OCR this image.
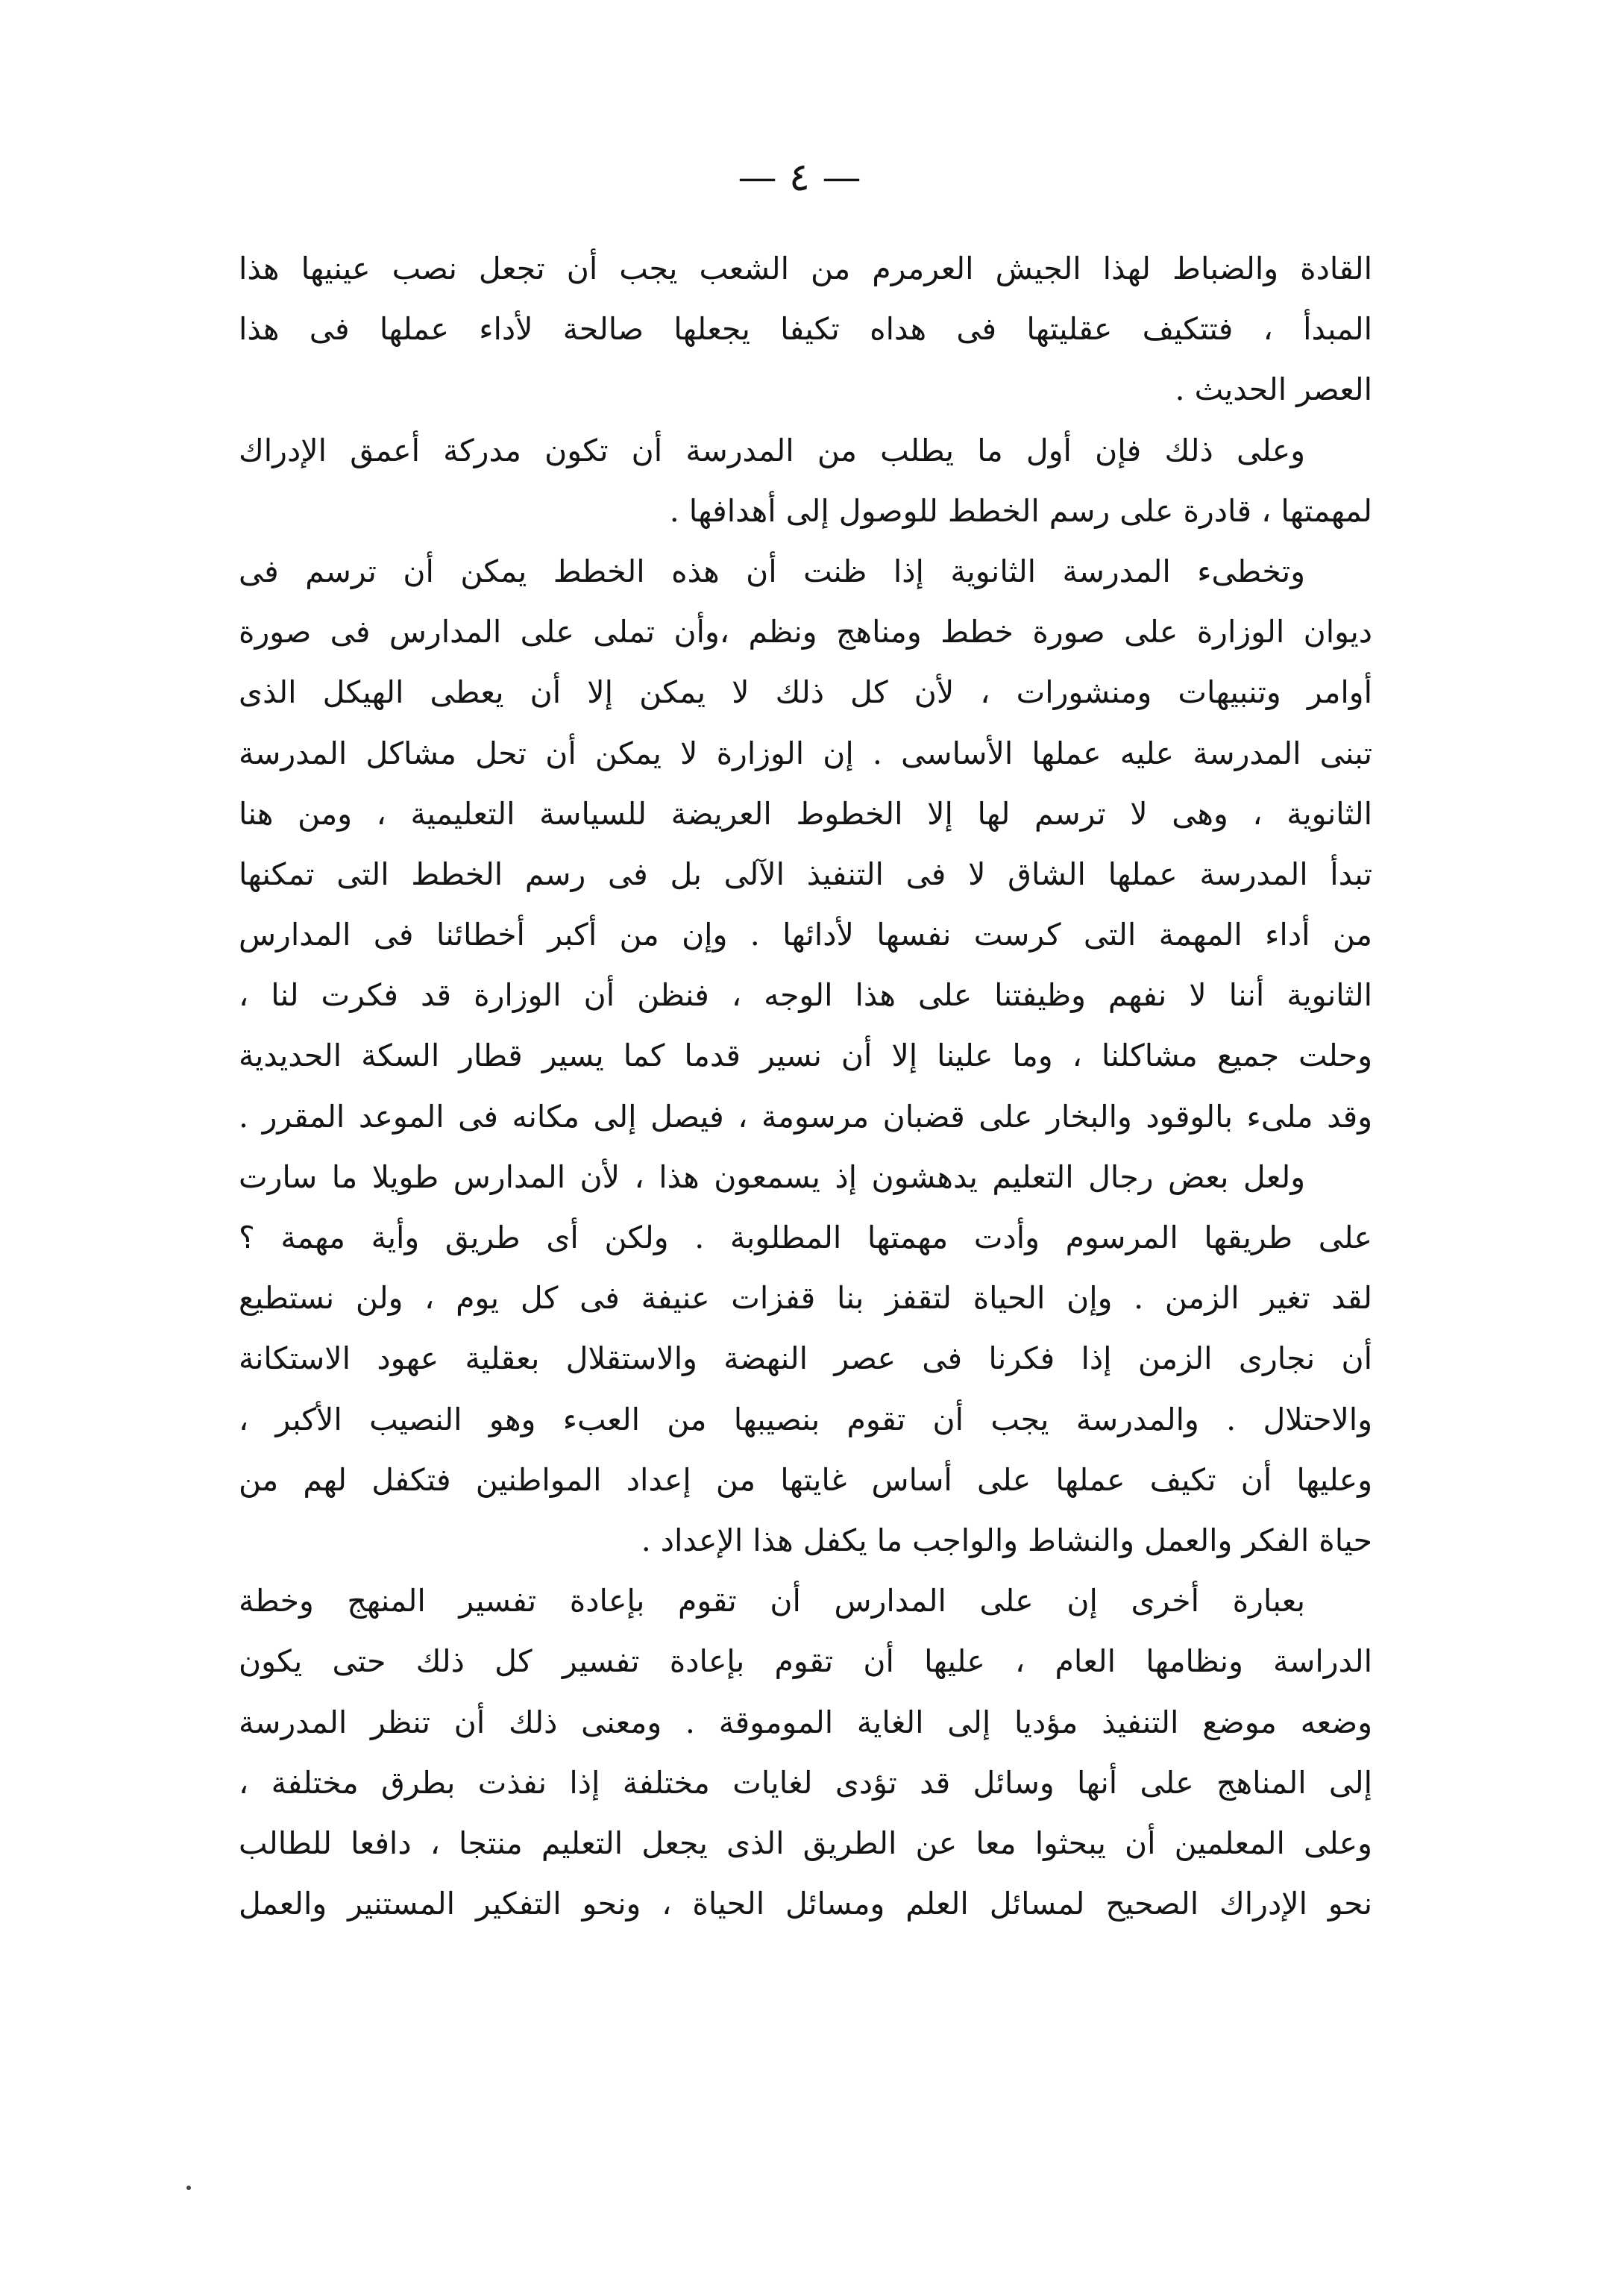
— ٤ —
القادة والضباط لهذا الجيش العرمرم من الشعب يجب أن تجعل نصب عينيها هذا
المبدأ ، فتتكيف عقليتها فى هداه تكيفا يجعلها صالحة لأداء عملها فى هذا
العصر الحديث .
وعلى ذلك فإن أول ما يطلب من المدرسة أن تكون مدركة أعمق الإدراك
لمهمتها ، قادرة على رسم الخطط للوصول إلى أهدافها .
وتخطىء المدرسة الثانوية إذا ظنت أن هذه الخطط يمكن أن ترسم فى
ديوان الوزارة على صورة خطط ومناهج ونظم ،وأن تملى على المدارس فى صورة
أوامر وتنبيهات ومنشورات ، لأن كل ذلك لا يمكن إلا أن يعطى الهيكل الذى
تبنى المدرسة عليه عملها الأساسى . إن الوزارة لا يمكن أن تحل مشاكل المدرسة
الثانوية ، وهى لا ترسم لها إلا الخطوط العريضة للسياسة التعليمية ، ومن هنا
تبدأ المدرسة عملها الشاق لا فى التنفيذ الآلى بل فى رسم الخطط التى تمكنها
من أداء المهمة التى كرست نفسها لأدائها . وإن من أكبر أخطائنا فى المدارس
الثانوية أننا لا نفهم وظيفتنا على هذا الوجه ، فنظن أن الوزارة قد فكرت لنا ،
وحلت جميع مشاكلنا ، وما علينا إلا أن نسير قدما كما يسير قطار السكة الحديدية
وقد ملىء بالوقود والبخار على قضبان مرسومة ، فيصل إلى مكانه فى الموعد المقرر .
ولعل بعض رجال التعليم يدهشون إذ يسمعون هذا ، لأن المدارس طويلا ما سارت
على طريقها المرسوم وأدت مهمتها المطلوبة . ولكن أى طريق وأية مهمة ؟
لقد تغير الزمن . وإن الحياة لتقفز بنا قفزات عنيفة فى كل يوم ، ولن نستطيع
أن نجارى الزمن إذا فكرنا فى عصر النهضة والاستقلال بعقلية عهود الاستكانة
والاحتلال . والمدرسة يجب أن تقوم بنصيبها من العبء وهو النصيب الأكبر ،
وعليها أن تكيف عملها على أساس غايتها من إعداد المواطنين فتكفل لهم من
حياة الفكر والعمل والنشاط والواجب ما يكفل هذا الإعداد .
بعبارة أخرى إن على المدارس أن تقوم بإعادة تفسير المنهج وخطة
الدراسة ونظامها العام ، عليها أن تقوم بإعادة تفسير كل ذلك حتى يكون
وضعه موضع التنفيذ مؤديا إلى الغاية الموموقة . ومعنى ذلك أن تنظر المدرسة
إلى المناهج على أنها وسائل قد تؤدى لغايات مختلفة إذا نفذت بطرق مختلفة ،
وعلى المعلمين أن يبحثوا معا عن الطريق الذى يجعل التعليم منتجا ، دافعا للطالب
نحو الإدراك الصحيح لمسائل العلم ومسائل الحياة ، ونحو التفكير المستنير والعمل
